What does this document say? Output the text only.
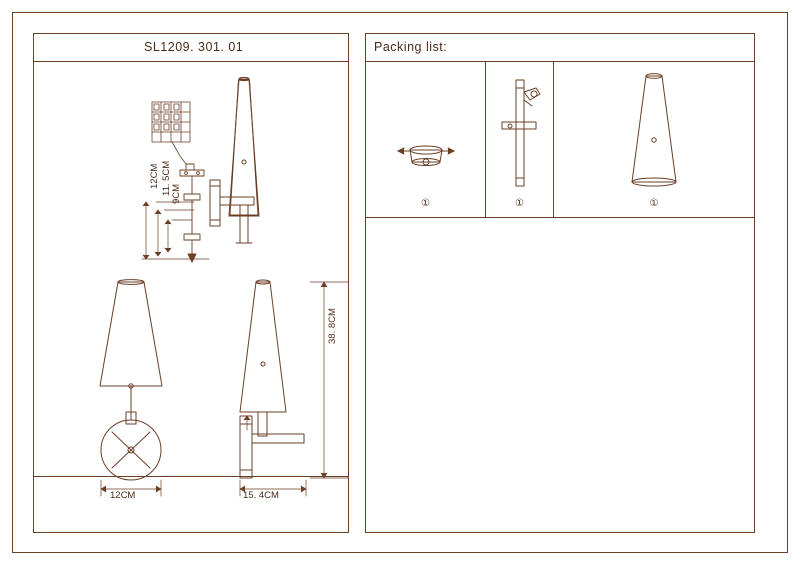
SL1209. 301. 01
12CM 11. 5CM 9CM
38. 8CM
12CM	15. 4CM
Packing list:
①	①	①
